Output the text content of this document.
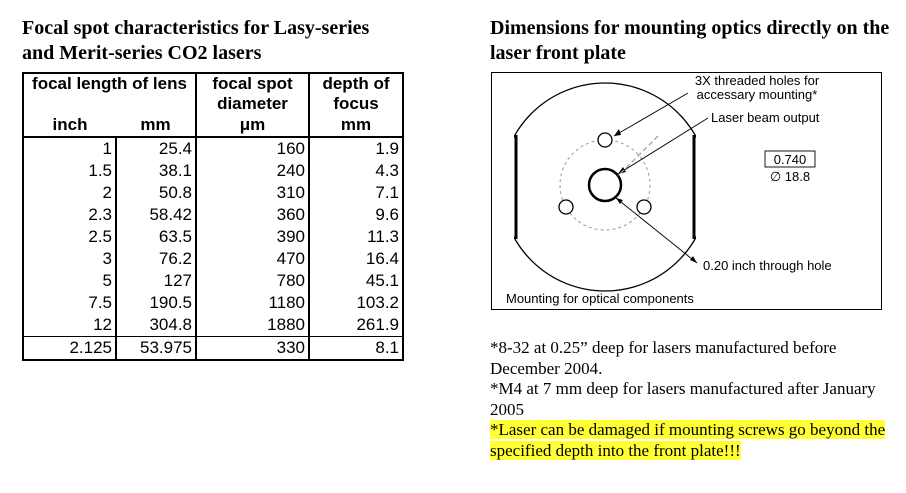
Focal spot characteristics for Lasy-series and Merit-series CO2 lasers
focal length of lens		focal spot diameter	depth of focus
inch	mm	μm	mm
1	25.4	160	1.9
1.5	38.1	240	4.3
2	50.8	310	7.1
2.3	58.42	360	9.6
2.5	63.5	390	11.3
3	76.2	470	16.4
5	127	780	45.1
7.5	190.5	1180	103.2
12	304.8	1880	261.9
2.125	53.975	330	8.1
Dimensions for mounting optics directly on the laser front plate
3X threaded holes for
accessary mounting*
Laser beam output
0.740
∅ 18.8
0.20 inch through hole
Mounting for optical components

*8-32 at 0.25” deep for lasers manufactured before December 2004.

*M4 at 7 mm deep for lasers manufactured after January 2005

*Laser can be damaged if mounting screws go beyond the specified depth into the front plate!!!
